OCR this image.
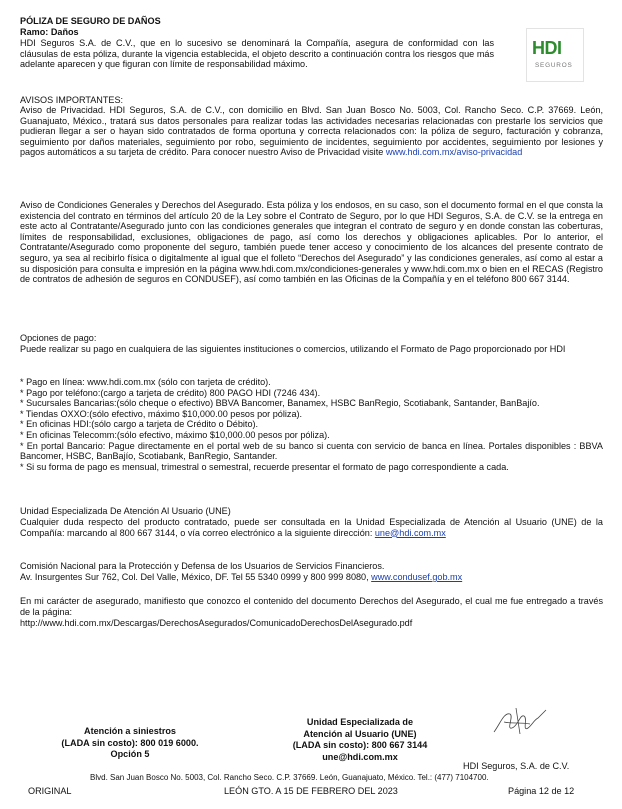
HDI
SEGUROS
PÓLIZA DE SEGURO DE DAÑOS
Ramo: Daños
HDI Seguros S.A. de C.V., que en lo sucesivo se denominará la Compañía, asegura de conformidad con las cláusulas de esta póliza, durante la vigencia establecida, el objeto descrito a continuación contra los riesgos que más adelante aparecen y que figuran con límite de responsabilidad máximo.
AVISOS IMPORTANTES:
Aviso de Privacidad. HDI Seguros, S.A. de C.V., con domicilio en Blvd. San Juan Bosco No. 5003, Col. Rancho Seco. C.P. 37669. León, Guanajuato, México., tratará sus datos personales para realizar todas las actividades necesarias relacionadas con prestarle los servicios que pudieran llegar a ser o hayan sido contratados de forma oportuna y correcta relacionados con: la póliza de seguro, facturación y cobranza, seguimiento por daños materiales, seguimiento por robo, seguimiento de incidentes, seguimiento por accidentes, seguimiento por lesiones y pagos automáticos a su tarjeta de crédito. Para conocer nuestro Aviso de Privacidad visite www.hdi.com.mx/aviso-privacidad
Aviso de Condiciones Generales y Derechos del Asegurado. Esta póliza y los endosos, en su caso, son el documento formal en el que consta la existencia del contrato en términos del artículo 20 de la Ley sobre el Contrato de Seguro, por lo que HDI Seguros, S.A. de C.V. se la entrega en este acto al Contratante/Asegurado junto con las condiciones generales que integran el contrato de seguro y en donde constan las coberturas, límites de responsabilidad, exclusiones, obligaciones de pago, así como los derechos y obligaciones aplicables. Por lo anterior, el Contratante/Asegurado como proponente del seguro, también puede tener acceso y conocimiento de los alcances del presente contrato de seguro, ya sea al recibirlo física o digitalmente al igual que el folleto “Derechos del Asegurado” y las condiciones generales, así como al estar a su disposición para consulta e impresión en la página www.hdi.com.mx/condiciones-generales y www.hdi.com.mx o bien en el RECAS (Registro de contratos de adhesión de seguros en CONDUSEF), así como también en las Oficinas de la Compañía y en el teléfono 800 667 3144.
Opciones de pago:
Puede realizar su pago en cualquiera de las siguientes instituciones o comercios, utilizando el Formato de Pago proporcionado por HDI
* Pago en línea: www.hdi.com.mx (sólo con tarjeta de crédito).
* Pago por teléfono:(cargo a tarjeta de crédito) 800 PAGO HDI (7246 434).
* Sucursales Bancarias:(sólo cheque o efectivo) BBVA Bancomer, Banamex, HSBC BanRegio, Scotiabank, Santander, BanBajío.
* Tiendas OXXO:(sólo efectivo, máximo $10,000.00 pesos por póliza).
* En oficinas HDI:(sólo cargo a tarjeta de Crédito o Débito).
* En oficinas Telecomm:(sólo efectivo, máximo $10,000.00 pesos por póliza).
* En portal Bancario: Pague directamente en el portal web de su banco si cuenta con servicio de banca en línea. Portales disponibles : BBVA Bancomer, HSBC, BanBajío, Scotiabank, BanRegio, Santander.
* Si su forma de pago es mensual, trimestral o semestral, recuerde presentar el formato de pago correspondiente a cada.
Unidad Especializada De Atención Al Usuario (UNE)
Cualquier duda respecto del producto contratado, puede ser consultada en la Unidad Especializada de Atención al Usuario (UNE) de la Compañía: marcando al 800 667 3144, o vía correo electrónico a la siguiente dirección: une@hdi.com.mx
Comisión Nacional para la Protección y Defensa de los Usuarios de Servicios Financieros.
Av. Insurgentes Sur 762, Col. Del Valle, México, DF. Tel 55 5340 0999 y 800 999 8080, www.condusef.gob.mx
En mi carácter de asegurado, manifiesto que conozco el contenido del documento Derechos del Asegurado, el cual me fue entregado a través de la página:
http://www.hdi.com.mx/Descargas/DerechosAsegurados/ComunicadoDerechosDelAsegurado.pdf
Atención a siniestros
(LADA sin costo): 800 019 6000.
Opción 5
Unidad Especializada de
Atención al Usuario (UNE)
(LADA sin costo): 800 667 3144
une@hdi.com.mx
HDI Seguros, S.A. de C.V.
Blvd. San Juan Bosco No. 5003, Col. Rancho Seco. C.P. 37669. León, Guanajuato, México. Tel.: (477) 7104700.
ORIGINAL	LEÓN GTO. A 15 DE FEBRERO DEL 2023	Página 12 de 12
